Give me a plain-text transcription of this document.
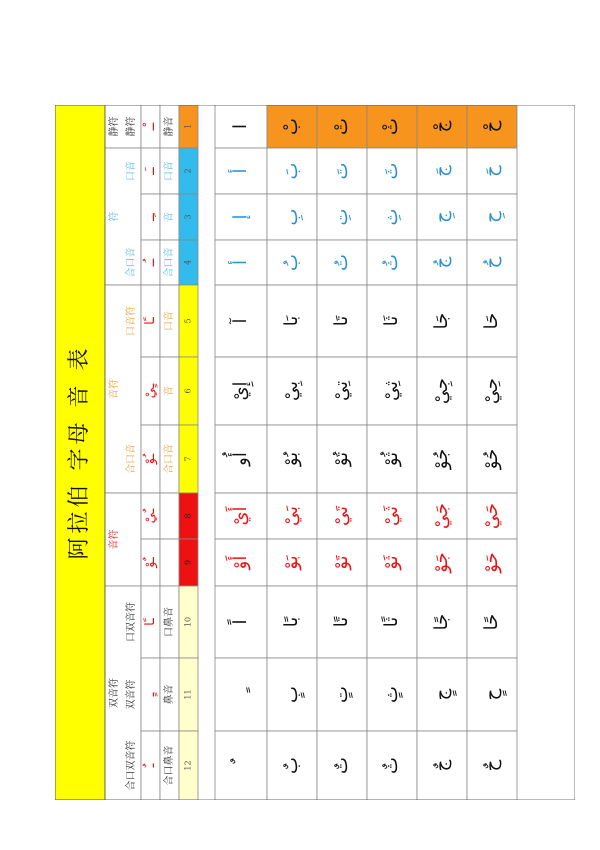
阿拉伯 字母 音 表
静符
符
音符
音符
双音符
静符 ـْـ 静音 1
口音 ـَـ 口音 2
ـِـ 音 3
合口音 ـُـ 合口音 4
口音符 ـًا 口音 5
ـٍيْ 音 6
合口音 ـُوْ 合口音 7
ـٌيْ	8
ـٌوْ	9
口双音符 ـًا 口鼻音 10
双音符 ـٍ 鼻音 11
合口双音符 ـٌ 合口鼻音 12
ا
أ
إ
أ
آ
إِيْ
أُو
أَيْ
أَوْ
اً
بْ
بَ
بِ
بُ
بَا
بِيْ
بُوْ
بَيْ
بَوْ
بًا
بٍ
بٌ
تْ
تَ
تِ
تُ
تَا
تِيْ
تُوْ
تَيْ
تَوْ
تًا
تٍ
تٌ
ثْ
ثَ
ثِ
ثُ
ثَا
ثِيْ
ثُوْ
ثَيْ
ثَوْ
ثًا
ثٍ
ثٌ
جْ
جَ
جِ
جُ
جَا
جِيْ
جُوْ
جَيْ
جَوْ
جًا
جٍ
جٌ
حْ
حَ
حِ
حُ
حَا
حِيْ
حُوْ
حَيْ
حَوْ
حًا
حٍ
حٌ
